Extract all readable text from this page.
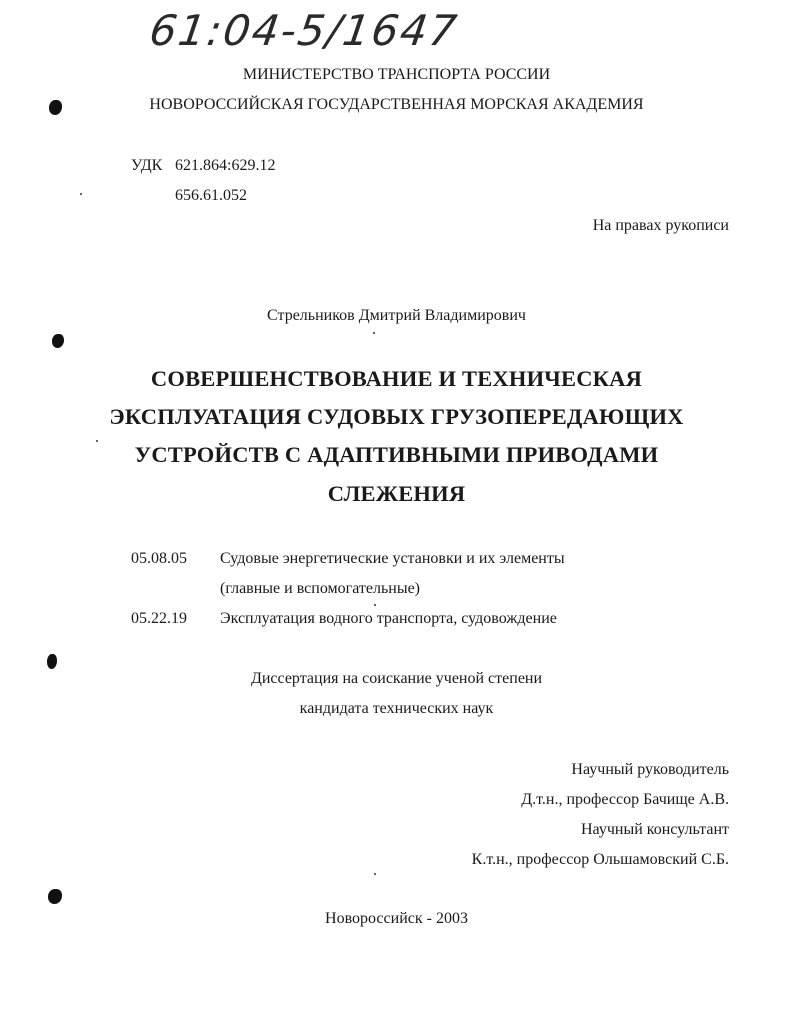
61:04-5/1647
МИНИСТЕРСТВО ТРАНСПОРТА РОССИИ
НОВОРОССИЙСКАЯ ГОСУДАРСТВЕННАЯ МОРСКАЯ АКАДЕМИЯ
УДК 621.864:629.12
656.61.052
На правах рукописи
Стрельников Дмитрий Владимирович
СОВЕРШЕНСТВОВАНИЕ И ТЕХНИЧЕСКАЯ
ЭКСПЛУАТАЦИЯ СУДОВЫХ ГРУЗОПЕРЕДАЮЩИХ
УСТРОЙСТВ С АДАПТИВНЫМИ ПРИВОДАМИ
СЛЕЖЕНИЯ
05.08.05 Судовые энергетические установки и их элементы
(главные и вспомогательные)
05.22.19 Эксплуатация водного транспорта, судовождение
Диссертация на соискание ученой степени
кандидата технических наук
Научный руководитель
Д.т.н., профессор Бачище А.В.
Научный консультант
К.т.н., профессор Ольшамовский С.Б.
Новороссийск - 2003
